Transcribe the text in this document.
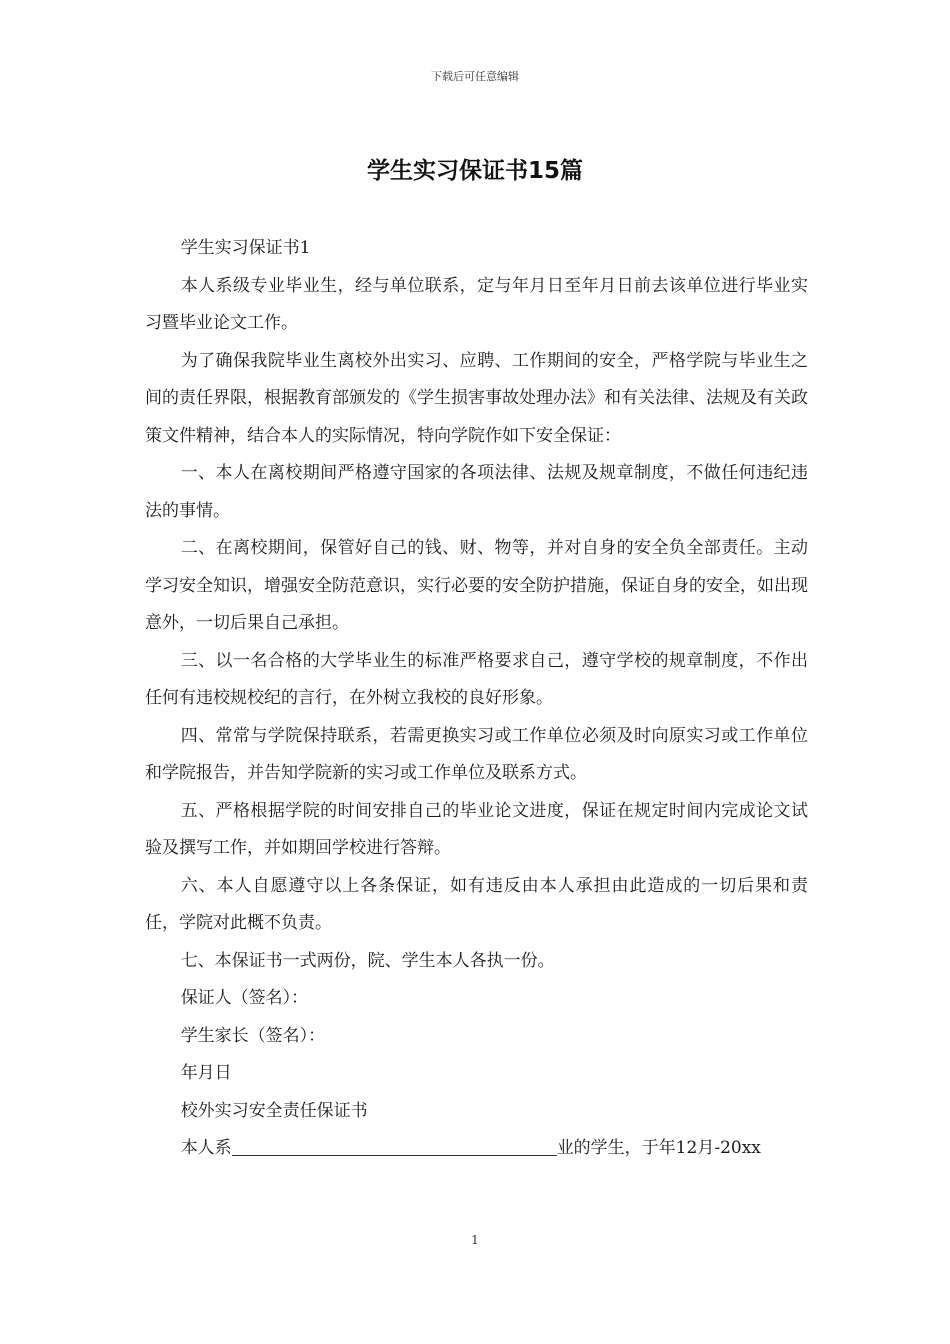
下载后可任意编辑
学生实习保证书15篇

学生实习保证书1

本人系级专业毕业生，经与单位联系，定与年月日至年月日前去该单位进行毕业实习暨毕业论文工作。

为了确保我院毕业生离校外出实习、应聘、工作期间的安全，严格学院与毕业生之间的责任界限，根据教育部颁发的《学生损害事故处理办法》和有关法律、法规及有关政策文件精神，结合本人的实际情况，特向学院作如下安全保证：

一、本人在离校期间严格遵守国家的各项法律、法规及规章制度，不做任何违纪违法的事情。

二、在离校期间，保管好自己的钱、财、物等，并对自身的安全负全部责任。主动学习安全知识，增强安全防范意识，实行必要的安全防护措施，保证自身的安全，如出现意外，一切后果自己承担。

三、以一名合格的大学毕业生的标准严格要求自己，遵守学校的规章制度，不作出任何有违校规校纪的言行，在外树立我校的良好形象。

四、常常与学院保持联系，若需更换实习或工作单位必须及时向原实习或工作单位和学院报告，并告知学院新的实习或工作单位及联系方式。

五、严格根据学院的时间安排自己的毕业论文进度，保证在规定时间内完成论文试验及撰写工作，并如期回学校进行答辩。

六、本人自愿遵守以上各条保证，如有违反由本人承担由此造成的一切后果和责任，学院对此概不负责。

七、本保证书一式两份，院、学生本人各执一份。

保证人（签名）：

学生家长（签名）：

年月日

校外实习安全责任保证书

本人系	业的学生，于年12月-20xx

1
